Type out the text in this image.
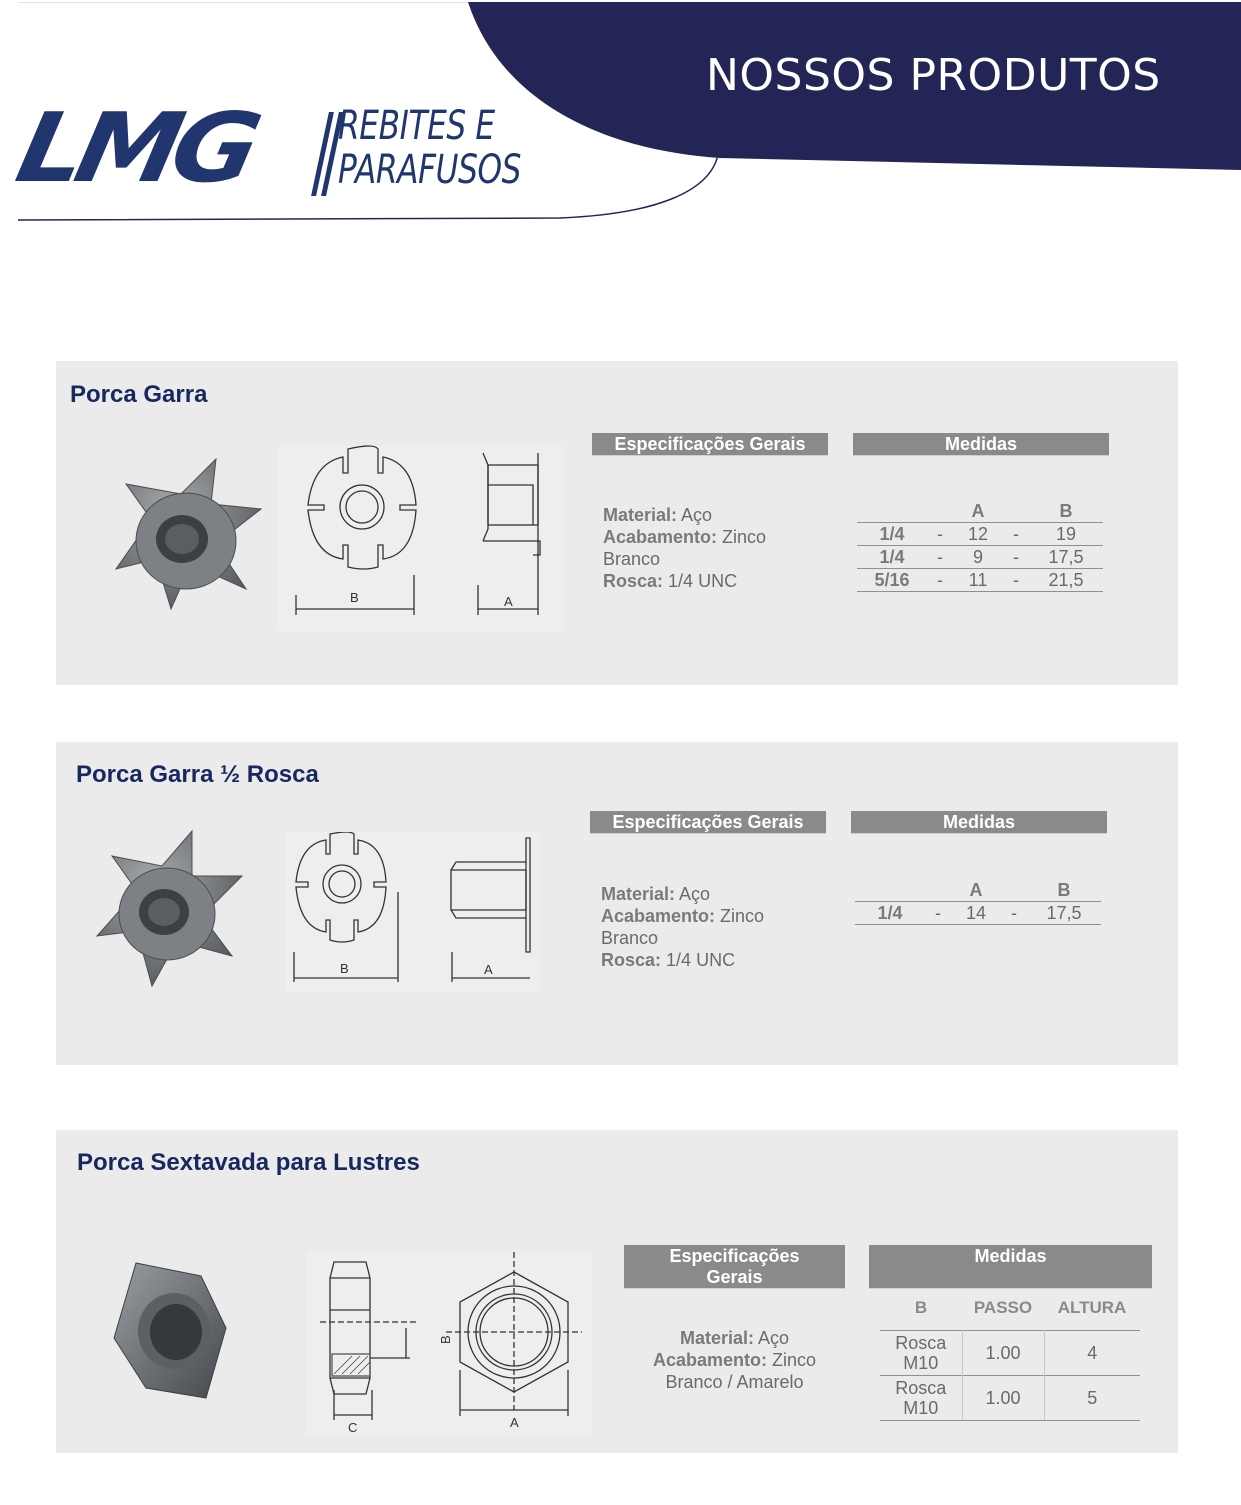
NOSSOS PRODUTOS
LMG REBITES E
PARAFUSOS
Porca Garra
B	A
Especificações Gerais	Medidas
Material: Aço
Acabamento: Zinco
Branco
Rosca: 1/4 UNC
		A		B
1/4	-	12	-	19
1/4	-	9	-	17,5
5/16	-	11	-	21,5
Porca Garra ½ Rosca
B	A
Especificações Gerais	Medidas
Material: Aço
Acabamento: Zinco
Branco
Rosca: 1/4 UNC
		A		B
1/4	-	14	-	17,5
Porca Sextavada para Lustres
B
C	A
Especificações
Gerais
Medidas
Material: Aço
Acabamento: Zinco
Branco / Amarelo
B	PASSO	ALTURA

Rosca
M10	1.00	4

Rosca
M10	1.00	5
